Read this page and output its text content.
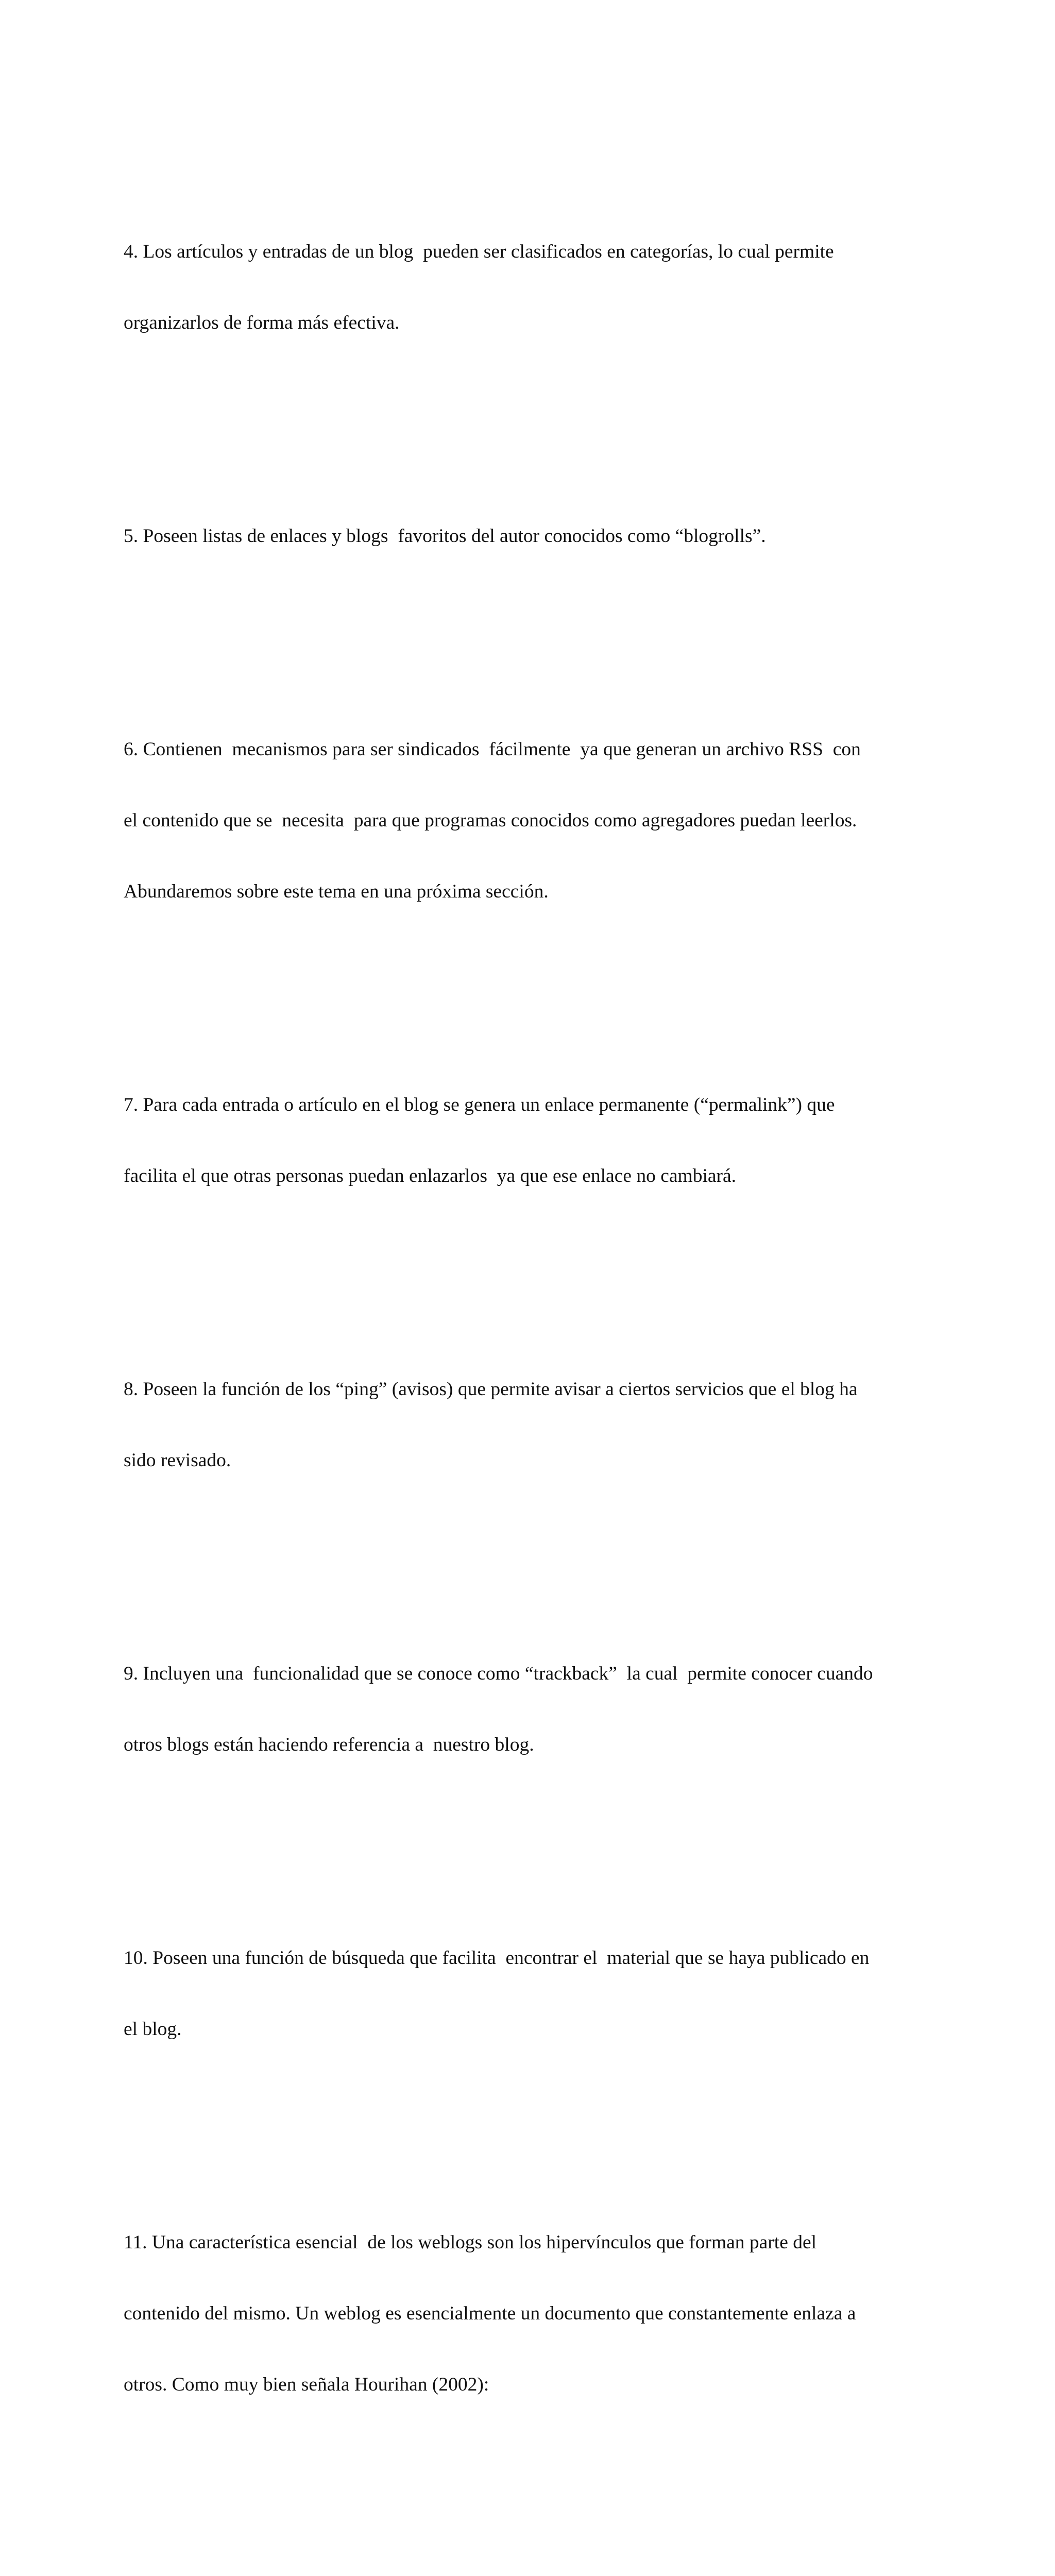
4. Los artículos y entradas de un blog  pueden ser clasificados en categorías, lo cual permite

organizarlos de forma más efectiva.

5. Poseen listas de enlaces y blogs  favoritos del autor conocidos como “blogrolls”.

6. Contienen  mecanismos para ser sindicados  fácilmente  ya que generan un archivo RSS  con

el contenido que se  necesita  para que programas conocidos como agregadores puedan leerlos.

Abundaremos sobre este tema en una próxima sección.

7. Para cada entrada o artículo en el blog se genera un enlace permanente (“permalink”) que

facilita el que otras personas puedan enlazarlos  ya que ese enlace no cambiará.

8. Poseen la función de los “ping” (avisos) que permite avisar a ciertos servicios que el blog ha

sido revisado.

9. Incluyen una  funcionalidad que se conoce como “trackback”  la cual  permite conocer cuando

otros blogs están haciendo referencia a  nuestro blog.

10. Poseen una función de búsqueda que facilita  encontrar el  material que se haya publicado en

el blog.

11. Una característica esencial  de los weblogs son los hipervínculos que forman parte del

contenido del mismo. Un weblog es esencialmente un documento que constantemente enlaza a

otros. Como muy bien señala Hourihan (2002):
